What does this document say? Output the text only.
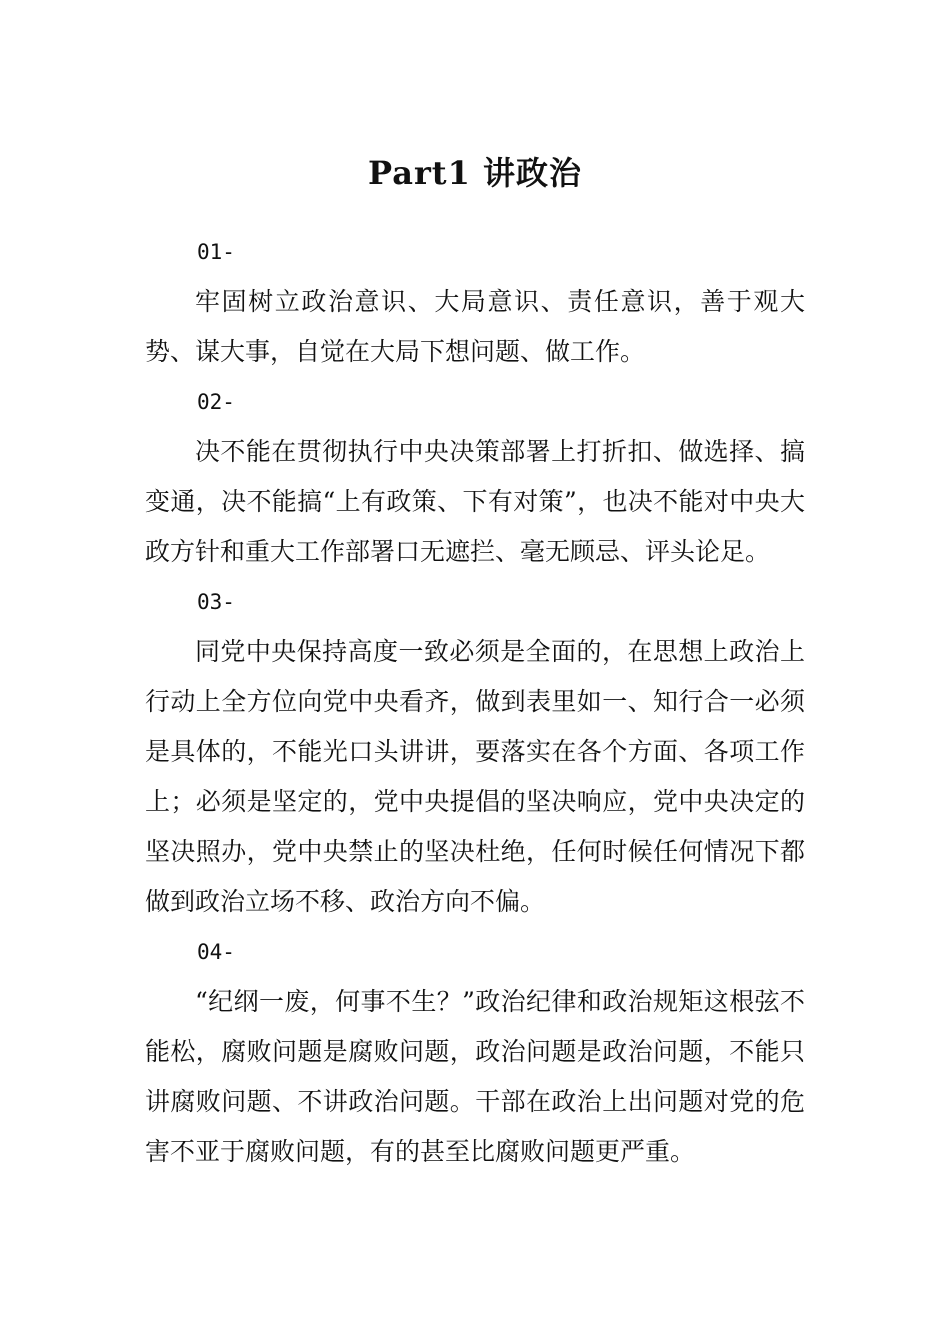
Part1 讲政治

01-

牢固树立政治意识、大局意识、责任意识，善于观大势、谋大事，自觉在大局下想问题、做工作。

02-

决不能在贯彻执行中央决策部署上打折扣、做选择、搞变通，决不能搞“上有政策、下有对策”，也决不能对中央大政方针和重大工作部署口无遮拦、毫无顾忌、评头论足。

03-

同党中央保持高度一致必须是全面的，在思想上政治上行动上全方位向党中央看齐，做到表里如一、知行合一必须是具体的，不能光口头讲讲，要落实在各个方面、各项工作上；必须是坚定的，党中央提倡的坚决响应，党中央决定的坚决照办，党中央禁止的坚决杜绝，任何时候任何情况下都做到政治立场不移、政治方向不偏。

04-

“纪纲一废，何事不生？”政治纪律和政治规矩这根弦不能松，腐败问题是腐败问题，政治问题是政治问题，不能只讲腐败问题、不讲政治问题。干部在政治上出问题对党的危害不亚于腐败问题，有的甚至比腐败问题更严重。
